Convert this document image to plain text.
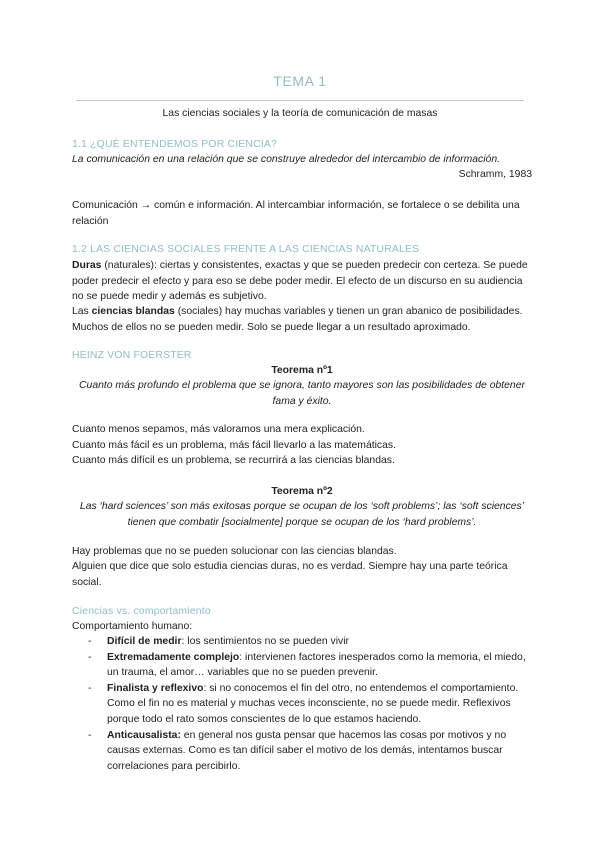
TEMA 1
Las ciencias sociales y la teoría de comunicación de masas
1.1 ¿QUÉ ENTENDEMOS POR CIENCIA?
La comunicación en una relación que se construye alrededor del intercambio de información.
Schramm, 1983
Comunicación → común e información. Al intercambiar información, se fortalece o se debilita una relación
1.2 LAS CIENCIAS SOCIALES FRENTE A LAS CIENCIAS NATURALES
Duras (naturales): ciertas y consistentes, exactas y que se pueden predecir con certeza. Se puede poder predecir el efecto y para eso se debe poder medir. El efecto de un discurso en su audiencia no se puede medir y además es subjetivo.
Las ciencias blandas (sociales) hay muchas variables y tienen un gran abanico de posibilidades. Muchos de ellos no se pueden medir. Solo se puede llegar a un resultado aproximado.
HEINZ VON FOERSTER
Teorema nº1
Cuanto más profundo el problema que se ignora, tanto mayores son las posibilidades de obtener fama y éxito.
Cuanto menos sepamos, más valoramos una mera explicación.
Cuanto más fácil es un problema, más fácil llevarlo a las matemáticas.
Cuanto más difícil es un problema, se recurrirá a las ciencias blandas.
Teorema nº2
Las ‘hard sciences’ son más exitosas porque se ocupan de los ‘soft problems’; las ‘soft sciences’ tienen que combatir [socialmente] porque se ocupan de los ‘hard problems’.
Hay problemas que no se pueden solucionar con las ciencias blandas.
Alguien que dice que solo estudia ciencias duras, no es verdad. Siempre hay una parte teórica social.
Ciencias vs. comportamiento
Comportamiento humano:
- Difícil de medir: los sentimientos no se pueden vivir
- Extremadamente complejo: intervienen factores inesperados como la memoria, el miedo, un trauma, el amor… variables que no se pueden prevenir.
- Finalista y reflexivo: si no conocemos el fin del otro, no entendemos el comportamiento. Como el fin no es material y muchas veces inconsciente, no se puede medir. Reflexivos porque todo el rato somos conscientes de lo que estamos haciendo.
- Anticausalista: en general nos gusta pensar que hacemos las cosas por motivos y no causas externas. Como es tan difícil saber el motivo de los demás, intentamos buscar correlaciones para percibirlo.
